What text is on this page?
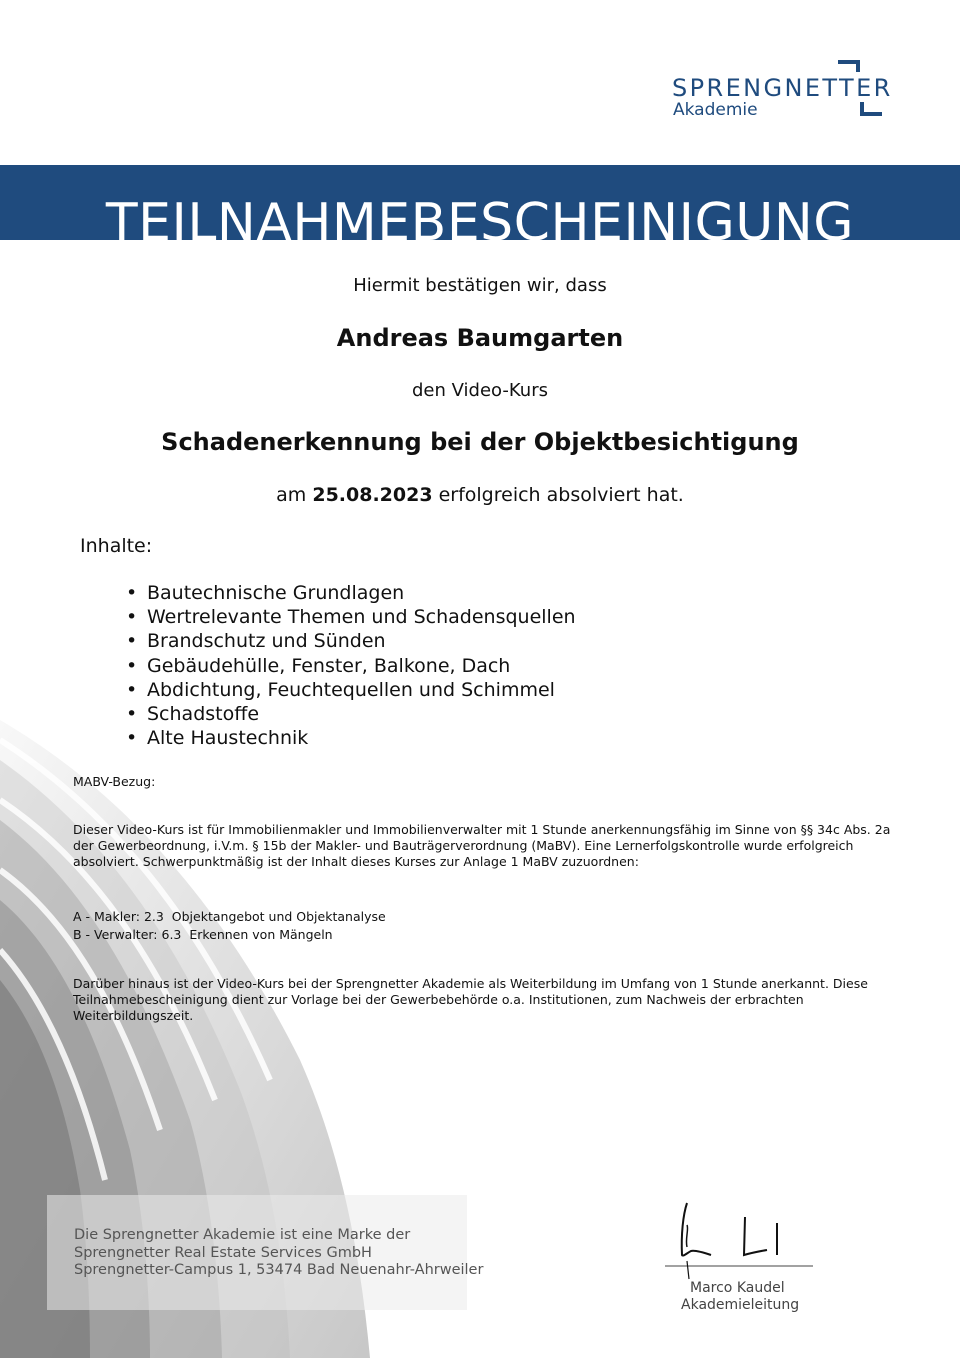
SPRENGNETTER
Akademie
TEILNAHMEBESCHEINIGUNG
Hiermit bestätigen wir, dass
Andreas Baumgarten
den Video-Kurs
Schadenerkennung bei der Objektbesichtigung
am 25.08.2023 erfolgreich absolviert hat.
Inhalte:
• Bautechnische Grundlagen
• Wertrelevante Themen und Schadensquellen
• Brandschutz und Sünden
• Gebäudehülle, Fenster, Balkone, Dach
• Abdichtung, Feuchtequellen und Schimmel
• Schadstoffe
• Alte Haustechnik
MABV-Bezug:
Dieser Video-Kurs ist für Immobilienmakler und Immobilienverwalter mit 1 Stunde anerkennungsfähig im Sinne von §§ 34c Abs. 2a der Gewerbeordnung, i.V.m. § 15b der Makler- und Bauträgerverordnung (MaBV). Eine Lernerfolgskontrolle wurde erfolgreich absolviert. Schwerpunktmäßig ist der Inhalt dieses Kurses zur Anlage 1 MaBV zuzuordnen:
A - Makler: 2.3  Objektangebot und Objektanalyse
B - Verwalter: 6.3  Erkennen von Mängeln
Darüber hinaus ist der Video-Kurs bei der Sprengnetter Akademie als Weiterbildung im Umfang von 1 Stunde anerkannt. Diese Teilnahmebescheinigung dient zur Vorlage bei der Gewerbebehörde o.a. Institutionen, zum Nachweis der erbrachten Weiterbildungszeit.
Die Sprengnetter Akademie ist eine Marke der
Sprengnetter Real Estate Services GmbH
Sprengnetter-Campus 1, 53474 Bad Neuenahr-Ahrweiler
Marco Kaudel
Akademieleitung
